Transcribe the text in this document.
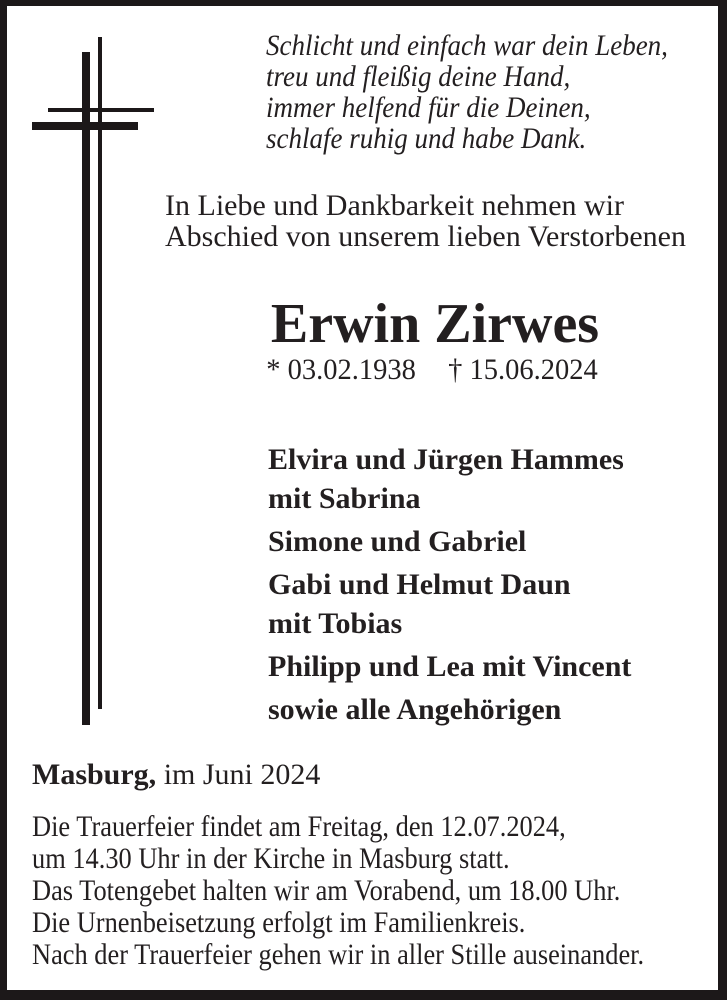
Schlicht und einfach war dein Leben,
treu und fleißig deine Hand,
immer helfend für die Deinen,
schlafe ruhig und habe Dank.
In Liebe und Dankbarkeit nehmen wir
Abschied von unserem lieben Verstorbenen
Erwin Zirwes
* 03.02.1938 † 15.06.2024
Elvira und Jürgen Hammes
mit Sabrina
Simone und Gabriel
Gabi und Helmut Daun
mit Tobias
Philipp und Lea mit Vincent
sowie alle Angehörigen
Masburg, im Juni 2024
Die Trauerfeier findet am Freitag, den 12.07.2024,
um 14.30 Uhr in der Kirche in Masburg statt.
Das Totengebet halten wir am Vorabend, um 18.00 Uhr.
Die Urnenbeisetzung erfolgt im Familienkreis.
Nach der Trauerfeier gehen wir in aller Stille auseinander.
